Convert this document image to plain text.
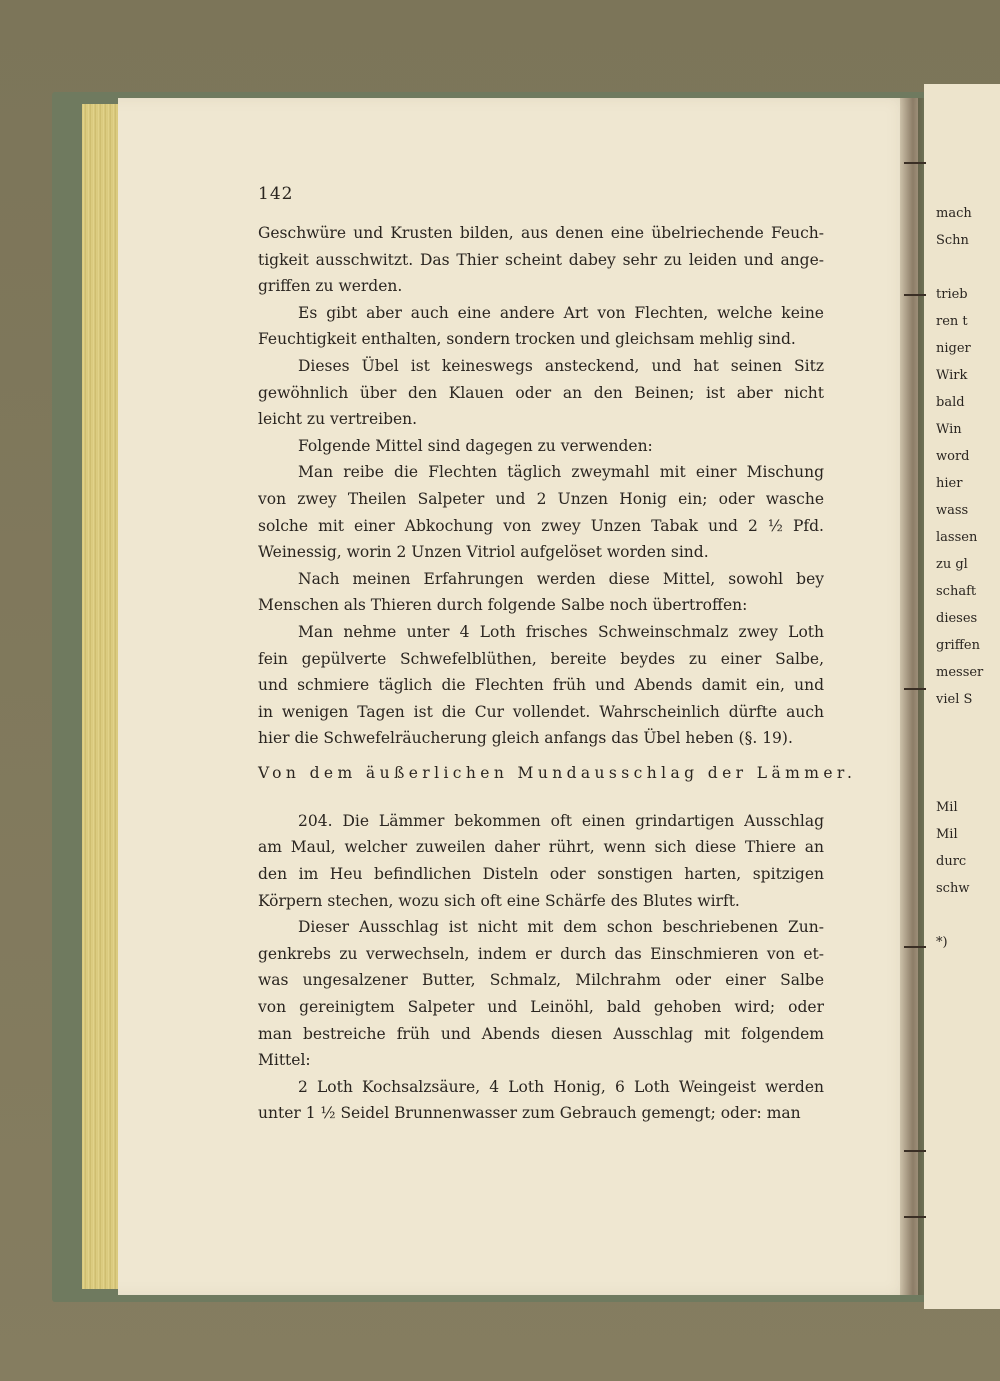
142
Geschwüre und Krusten bilden, aus denen eine übelriechende Feuch-
tigkeit ausschwitzt. Das Thier scheint dabey sehr zu leiden und ange-
griffen zu werden.
Es gibt aber auch eine andere Art von Flechten, welche keine
Feuchtigkeit enthalten, sondern trocken und gleichsam mehlig sind.
Dieses Übel ist keineswegs ansteckend, und hat seinen Sitz
gewöhnlich über den Klauen oder an den Beinen; ist aber nicht
leicht zu vertreiben.
Folgende Mittel sind dagegen zu verwenden:
Man reibe die Flechten täglich zweymahl mit einer Mischung
von zwey Theilen Salpeter und 2 Unzen Honig ein; oder wasche
solche mit einer Abkochung von zwey Unzen Tabak und 2 ½ Pfd.
Weinessig, worin 2 Unzen Vitriol aufgelöset worden sind.
Nach meinen Erfahrungen werden diese Mittel, sowohl bey
Menschen als Thieren durch folgende Salbe noch übertroffen:
Man nehme unter 4 Loth frisches Schweinschmalz zwey Loth
fein gepülverte Schwefelblüthen, bereite beydes zu einer Salbe,
und schmiere täglich die Flechten früh und Abends damit ein, und
in wenigen Tagen ist die Cur vollendet. Wahrscheinlich dürfte auch
hier die Schwefelräucherung gleich anfangs das Übel heben (§. 19).
Von dem äußerlichen Mundausschlag der Lämmer.
204. Die Lämmer bekommen oft einen grindartigen Ausschlag
am Maul, welcher zuweilen daher rührt, wenn sich diese Thiere an
den im Heu befindlichen Disteln oder sonstigen harten, spitzigen
Körpern stechen, wozu sich oft eine Schärfe des Blutes wirft.
Dieser Ausschlag ist nicht mit dem schon beschriebenen Zun-
genkrebs zu verwechseln, indem er durch das Einschmieren von et-
was ungesalzener Butter, Schmalz, Milchrahm oder einer Salbe
von gereinigtem Salpeter und Leinöhl, bald gehoben wird; oder
man bestreiche früh und Abends diesen Ausschlag mit folgendem
Mittel:
2 Loth Kochsalzsäure, 4 Loth Honig, 6 Loth Weingeist werden
unter 1 ½ Seidel Brunnenwasser zum Gebrauch gemengt; oder: man
mach
Schn
trieb
ren t
niger
Wirk
bald
Win
word
hier
wass
lassen
zu gl
schaft
dieses
griffen
messer
viel S
Mil
Mil
durc
schw
*)
